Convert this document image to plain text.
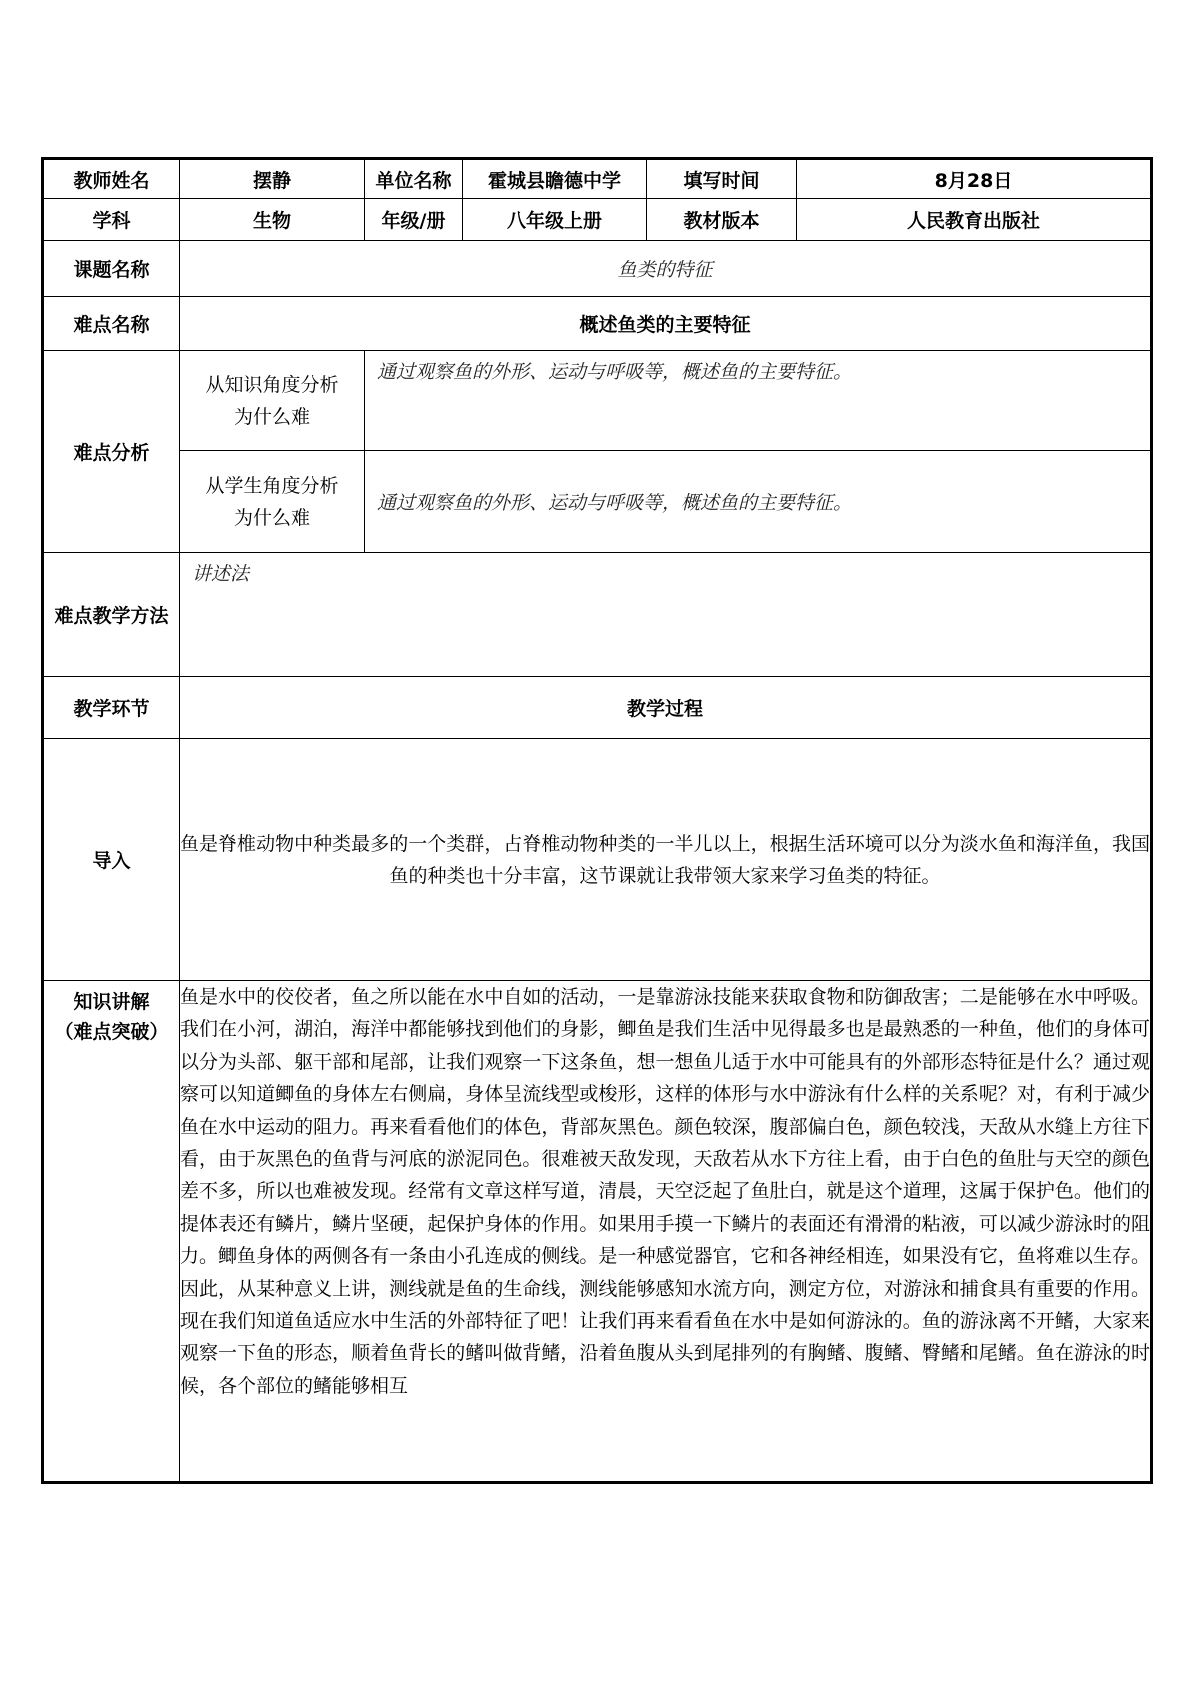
教师姓名	摆静	单位名称	霍城县瞻德中学	填写时间	8月28日
学科	生物	年级/册	八年级上册	教材版本	人民教育出版社
课题名称	鱼类的特征				
难点名称	概述鱼类的主要特征				
难点分析	从知识角度分析为什么难	通过观察鱼的外形、运动与呼吸等，概述鱼的主要特征。			

	从学生角度分析为什么难	通过观察鱼的外形、运动与呼吸等，概述鱼的主要特征。			
难点教学方法	讲述法				
教学环节	教学过程				
导入	鱼是脊椎动物中种类最多的一个类群，占脊椎动物种类的一半儿以上，根据生活环境可以分为淡水鱼和海洋鱼，我国鱼的种类也十分丰富，这节课就让我带领大家来学习鱼类的特征。				

知识讲解
（难点突破）	鱼是水中的佼佼者，鱼之所以能在水中自如的活动，一是靠游泳技能来获取食物和防御敌害；二是能够在水中呼吸。我们在小河，湖泊，海洋中都能够找到他们的身影，鲫鱼是我们生活中见得最多也是最熟悉的一种鱼，他们的身体可以分为头部、躯干部和尾部，让我们观察一下这条鱼，想一想鱼儿适于水中可能具有的外部形态特征是什么？通过观察可以知道鲫鱼的身体左右侧扁，身体呈流线型或梭形，这样的体形与水中游泳有什么样的关系呢？对，有利于减少鱼在水中运动的阻力。再来看看他们的体色，背部灰黑色。颜色较深，腹部偏白色，颜色较浅，天敌从水缝上方往下看，由于灰黑色的鱼背与河底的淤泥同色。很难被天敌发现，天敌若从水下方往上看，由于白色的鱼肚与天空的颜色差不多，所以也难被发现。经常有文章这样写道，清晨，天空泛起了鱼肚白，就是这个道理，这属于保护色。他们的提体表还有鳞片，鳞片坚硬，起保护身体的作用。如果用手摸一下鳞片的表面还有滑滑的粘液，可以减少游泳时的阻力。鲫鱼身体的两侧各有一条由小孔连成的侧线。是一种感觉器官，它和各神经相连，如果没有它，鱼将难以生存。因此，从某种意义上讲，测线就是鱼的生命线，测线能够感知水流方向，测定方位，对游泳和捕食具有重要的作用。现在我们知道鱼适应水中生活的外部特征了吧！让我们再来看看鱼在水中是如何游泳的。鱼的游泳离不开鳍，大家来观察一下鱼的形态，顺着鱼背长的鳍叫做背鳍，沿着鱼腹从头到尾排列的有胸鳍、腹鳍、臀鳍和尾鳍。鱼在游泳的时候，各个部位的鳍能够相互				
